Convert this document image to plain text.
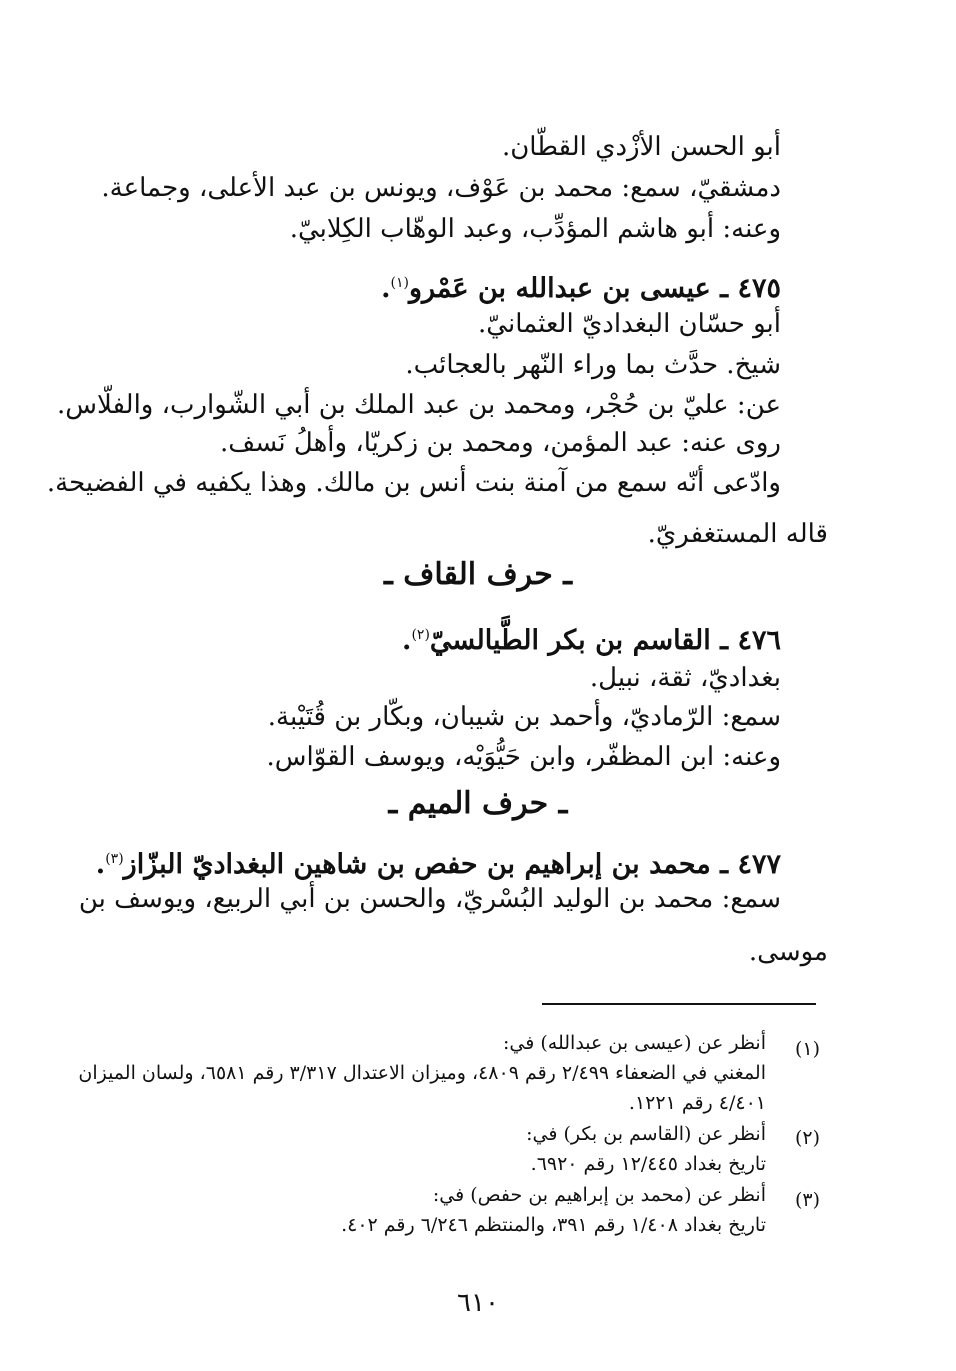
أبو الحسن الأزْدي القطّان.
دمشقيّ، سمع: محمد بن عَوْف، ويونس بن عبد الأعلى، وجماعة.
وعنه: أبو هاشم المؤدِّب، وعبد الوهّاب الكِلابيّ.
٤٧٥ ـ عيسى بن عبدالله بن عَمْرو$^{(١)}$.
أبو حسّان البغداديّ العثمانيّ.
شيخ. حدَّث بما وراء النّهر بالعجائب.
عن: عليّ بن حُجْر، ومحمد بن عبد الملك بن أبي الشّوارب، والفلّاس.
روى عنه: عبد المؤمن، ومحمد بن زكريّا، وأهلُ نَسف.
وادّعى أنّه سمع من آمنة بنت أنس بن مالك. وهذا يكفيه في الفضيحة.
قاله المستغفريّ.
ـ حرف القاف ـ
٤٧٦ ـ القاسم بن بكر الطَّيالسيّ$^{(٢)}$.
بغداديّ، ثقة، نبيل.
سمع: الرّماديّ، وأحمد بن شيبان، وبكّار بن قُتَيْبة.
وعنه: ابن المظفّر، وابن حَيُّوَيْه، ويوسف القوّاس.
ـ حرف الميم ـ
٤٧٧ ـ محمد بن إبراهيم بن حفص بن شاهين البغداديّ البزّاز$^{(٣)}$.
سمع: محمد بن الوليد البُسْريّ، والحسن بن أبي الربيع، ويوسف بن
موسى.
(١)
أنظر عن (عيسى بن عبدالله) في:
المغني في الضعفاء ٢/٤٩٩ رقم ٤٨٠٩، وميزان الاعتدال ٣/٣١٧ رقم ٦٥٨١، ولسان الميزان
٤/٤٠١ رقم ١٢٢١.
(٢)
أنظر عن (القاسم بن بكر) في:
تاريخ بغداد ١٢/٤٤٥ رقم ٦٩٢٠.
(٣)
أنظر عن (محمد بن إبراهيم بن حفص) في:
تاريخ بغداد ١/٤٠٨ رقم ٣٩١، والمنتظم ٦/٢٤٦ رقم ٤٠٢.
٦١٠
